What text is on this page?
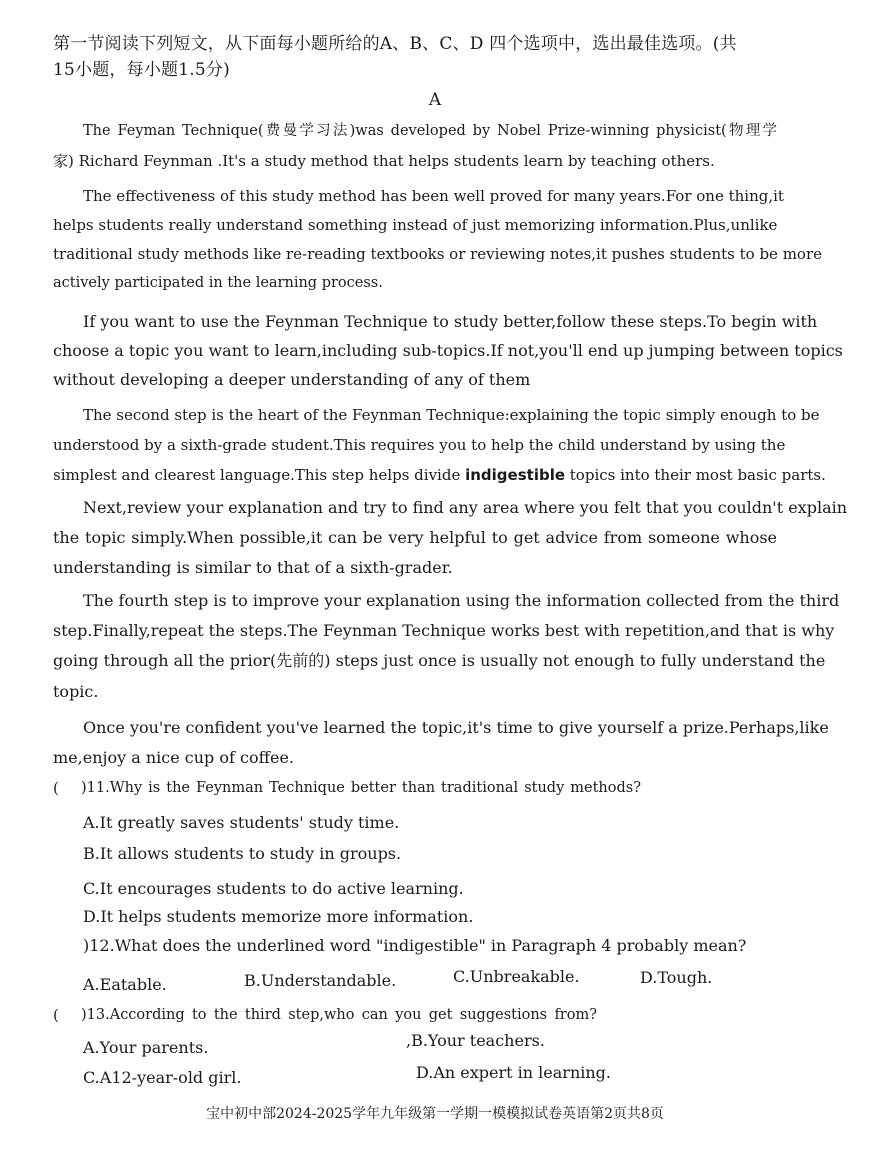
第一节阅读下列短文，从下面每小题所给的A、B、C、D 四个选项中，选出最佳选项。(共
15小题，每小题1.5分)
A
The Feyman Technique(费曼学习法)was developed by Nobel Prize-winning physicist(物理学
家) Richard Feynman .It's a study method that helps students learn by teaching others.
The effectiveness of this study method has been well proved for many years.For one thing,it
helps students really understand something instead of just memorizing information.Plus,unlike
traditional study methods like re-reading textbooks or reviewing notes,it pushes students to be more
actively participated in the learning process.
If you want to use the Feynman Technique to study better,follow these steps.To begin with
choose a topic you want to learn,including sub-topics.If not,you'll end up jumping between topics
without developing a deeper understanding of any of them
The second step is the heart of the Feynman Technique:explaining the topic simply enough to be
understood by a sixth-grade student.This requires you to help the child understand by using the
simplest and clearest language.This step helps divide indigestible topics into their most basic parts.
Next,review your explanation and try to find any area where you felt that you couldn't explain
the topic simply.When possible,it can be very helpful to get advice from someone whose
understanding is similar to that of a sixth-grader.
The fourth step is to improve your explanation using the information collected from the third
step.Finally,repeat the steps.The Feynman Technique works best with repetition,and that is why
going through all the prior(先前的) steps just once is usually not enough to fully understand the
topic.
Once you're confident you've learned the topic,it's time to give yourself a prize.Perhaps,like
me,enjoy a nice cup of coffee.
( )11.Why is the Feynman Technique better than traditional study methods?
A.It greatly saves students' study time.
B.It allows students to study in groups.
C.It encourages students to do active learning.
D.It helps students memorize more information.
)12.What does the underlined word "indigestible" in Paragraph 4 probably mean?
A.Eatable.	B.Understandable.	C.Unbreakable.	D.Tough.
( )13.According to the third step,who can you get suggestions from?
A.Your parents.	,B.Your teachers.
C.A12-year-old girl.	D.An expert in learning.
宝中初中部2024-2025学年九年级第一学期一模模拟试卷英语第2页共8页
